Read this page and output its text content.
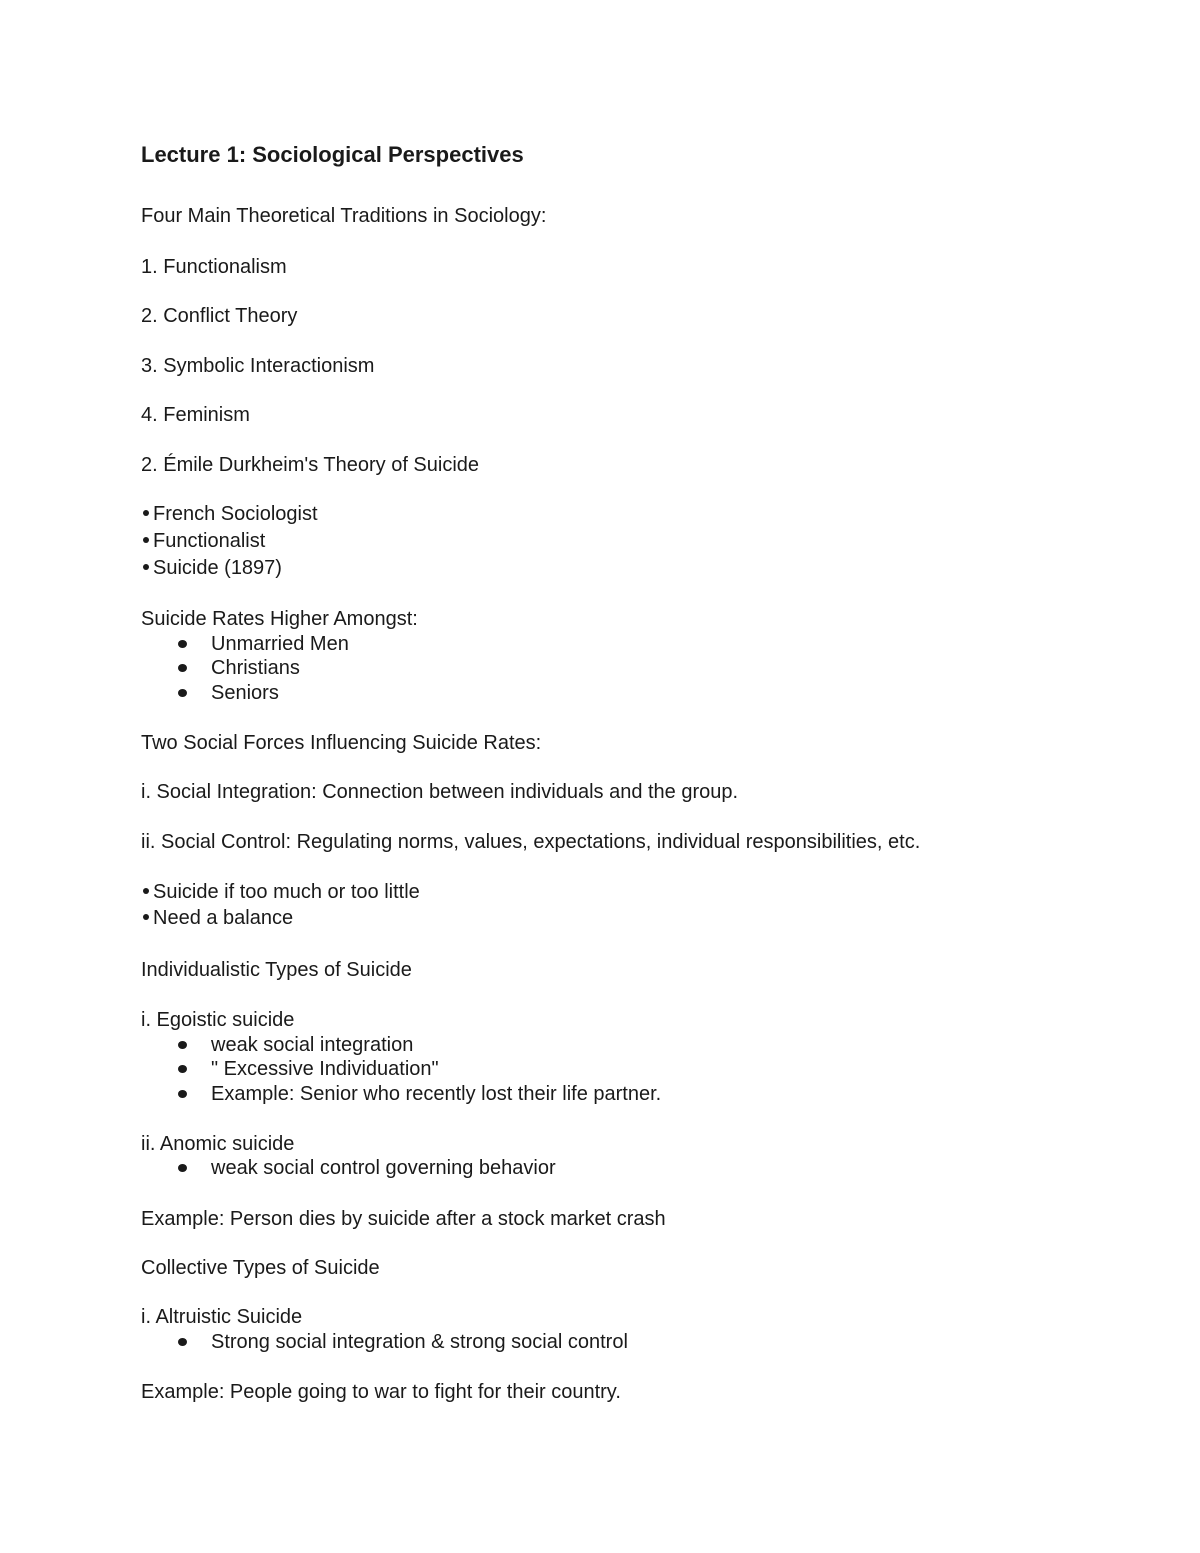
Lecture 1: Sociological Perspectives
Four Main Theoretical Traditions in Sociology:
1. Functionalism
2. Conflict Theory
3. Symbolic Interactionism
4. Feminism
2. Émile Durkheim's Theory of Suicide
French Sociologist
Functionalist
Suicide (1897)
Suicide Rates Higher Amongst:
Unmarried Men
Christians
Seniors
Two Social Forces Influencing Suicide Rates:
i. Social Integration: Connection between individuals and the group.
ii. Social Control: Regulating norms, values, expectations, individual responsibilities, etc.
Suicide if too much or too little
Need a balance
Individualistic Types of Suicide
i. Egoistic suicide
weak social integration
" Excessive Individuation"
Example: Senior who recently lost their life partner.
ii. Anomic suicide
weak social control governing behavior
Example: Person dies by suicide after a stock market crash
Collective Types of Suicide
i. Altruistic Suicide
Strong social integration & strong social control
Example: People going to war to fight for their country.
